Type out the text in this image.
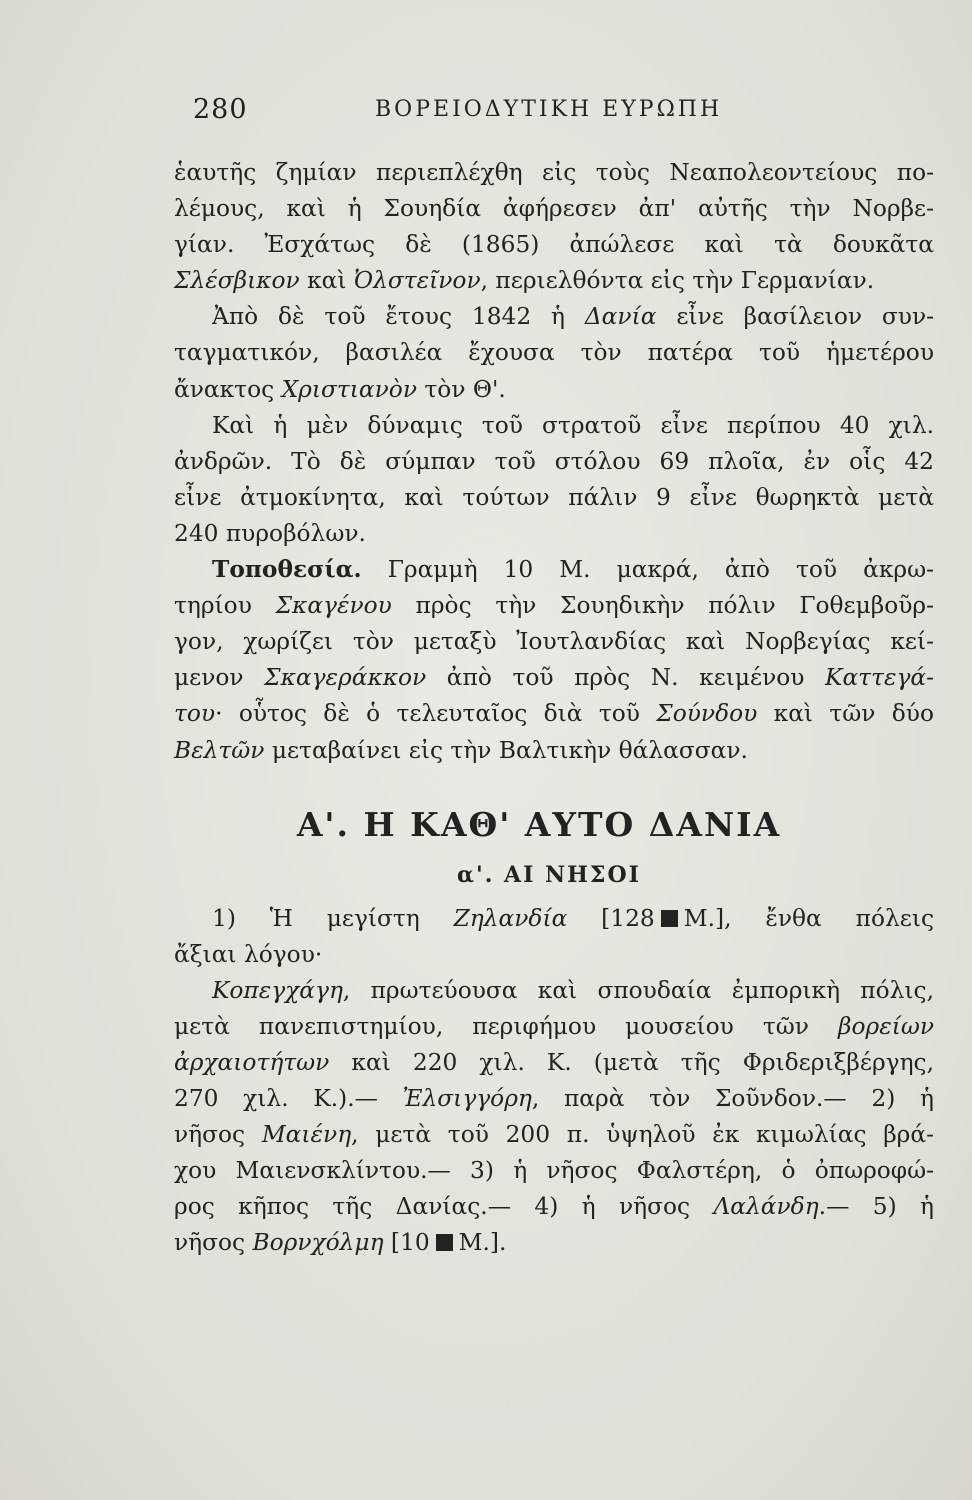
280	ΒΟΡΕΙΟΔΥΤΙΚΗ ΕΥΡΩΠΗ
ἑαυτῆς ζημίαν περιεπλέχθη εἰς τοὺς Νεαπολεοντείους πο-
λέμους, καὶ ἡ Σουηδία ἀφήρεσεν ἀπ' αὐτῆς τὴν Νορβε-
γίαν. Ἐσχάτως δὲ (1865) ἀπώλεσε καὶ τὰ δουκᾶτα
Σλέσβικον καὶ Ὀλστεῖνον, περιελθόντα εἰς τὴν Γερμανίαν.
Ἀπὸ δὲ τοῦ ἔτους 1842 ἡ Δανία εἶνε βασίλειον συν-
ταγματικόν, βασιλέα ἔχουσα τὸν πατέρα τοῦ ἡμετέρου
ἄνακτος Χριστιανὸν τὸν Θ'.
Καὶ ἡ μὲν δύναμις τοῦ στρατοῦ εἶνε περίπου 40 χιλ.
ἀνδρῶν. Τὸ δὲ σύμπαν τοῦ στόλου 69 πλοῖα, ἐν οἷς 42
εἶνε ἀτμοκίνητα, καὶ τούτων πάλιν 9 εἶνε θωρηκτὰ μετὰ
240 πυροβόλων.
Τοποθεσία. Γραμμὴ 10 Μ. μακρά, ἀπὸ τοῦ ἀκρω-
τηρίου Σκαγένου πρὸς τὴν Σουηδικὴν πόλιν Γοθεμβοῦρ-
γον, χωρίζει τὸν μεταξὺ Ἰουτλανδίας καὶ Νορβεγίας κεί-
μενον Σκαγεράκκον ἀπὸ τοῦ πρὸς Ν. κειμένου Καττεγά-
του· οὗτος δὲ ὁ τελευταῖος διὰ τοῦ Σούνδου καὶ τῶν δύο
Βελτῶν μεταβαίνει εἰς τὴν Βαλτικὴν θάλασσαν.
Α'. Η ΚΑΘ' ΑΥΤΟ ΔΑΝΙΑ
α'. ΑΙ ΝΗΣΟΙ
1) Ἡ μεγίστη Ζηλανδία [128 Μ.], ἔνθα πόλεις
ἄξιαι λόγου·
Κοπεγχάγη, πρωτεύουσα καὶ σπουδαία ἐμπορικὴ πόλις,
μετὰ πανεπιστημίου, περιφήμου μουσείου τῶν βορείων
ἀρχαιοτήτων καὶ 220 χιλ. Κ. (μετὰ τῆς Φριδεριξβέργης,
270 χιλ. Κ.).— Ἐλσιγγόρη, παρὰ τὸν Σοῦνδον.— 2) ἡ
νῆσος Μαιένη, μετὰ τοῦ 200 π. ὑψηλοῦ ἐκ κιμωλίας βρά-
χου Μαιενσκλίντου.— 3) ἡ νῆσος Φαλστέρη, ὁ ὀπωροφώ-
ρος κῆπος τῆς Δανίας.— 4) ἡ νῆσος Λαλάνδη.— 5) ἡ
νῆσος Βορνχόλμη [10 Μ.].
